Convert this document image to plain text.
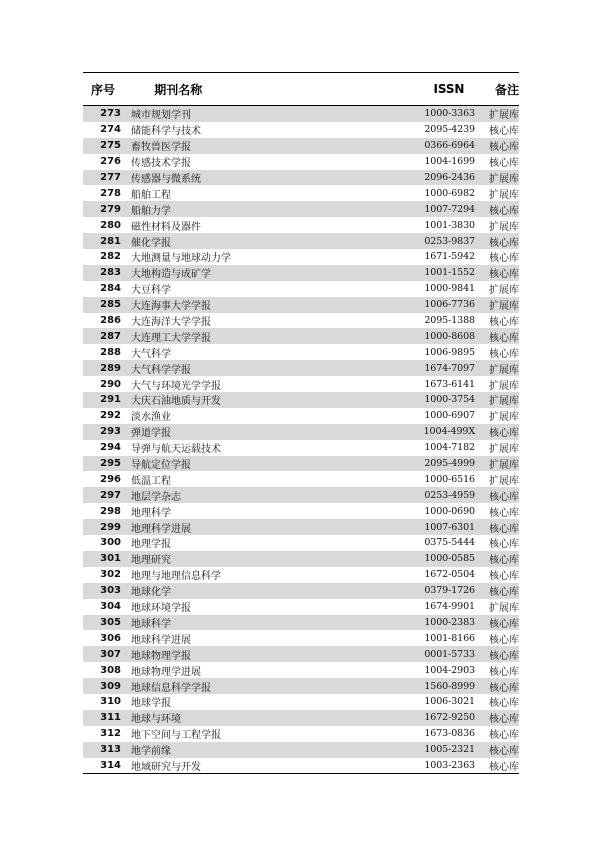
序号	期刊名称	ISSN	备注
273	城市规划学刊	1000-3363	扩展库
274	储能科学与技术	2095-4239	核心库
275	畜牧兽医学报	0366-6964	核心库
276	传感技术学报	1004-1699	核心库
277	传感器与微系统	2096-2436	扩展库
278	船舶工程	1000-6982	扩展库
279	船舶力学	1007-7294	核心库
280	磁性材料及器件	1001-3830	扩展库
281	催化学报	0253-9837	核心库
282	大地测量与地球动力学	1671-5942	核心库
283	大地构造与成矿学	1001-1552	核心库
284	大豆科学	1000-9841	扩展库
285	大连海事大学学报	1006-7736	扩展库
286	大连海洋大学学报	2095-1388	核心库
287	大连理工大学学报	1000-8608	核心库
288	大气科学	1006-9895	核心库
289	大气科学学报	1674-7097	扩展库
290	大气与环境光学学报	1673-6141	扩展库
291	大庆石油地质与开发	1000-3754	扩展库
292	淡水渔业	1000-6907	扩展库
293	弹道学报	1004-499X	核心库
294	导弹与航天运载技术	1004-7182	扩展库
295	导航定位学报	2095-4999	扩展库
296	低温工程	1000-6516	扩展库
297	地层学杂志	0253-4959	核心库
298	地理科学	1000-0690	核心库
299	地理科学进展	1007-6301	核心库
300	地理学报	0375-5444	核心库
301	地理研究	1000-0585	核心库
302	地理与地理信息科学	1672-0504	核心库
303	地球化学	0379-1726	核心库
304	地球环境学报	1674-9901	扩展库
305	地球科学	1000-2383	核心库
306	地球科学进展	1001-8166	核心库
307	地球物理学报	0001-5733	核心库
308	地球物理学进展	1004-2903	核心库
309	地球信息科学学报	1560-8999	核心库
310	地球学报	1006-3021	核心库
311	地球与环境	1672-9250	核心库
312	地下空间与工程学报	1673-0836	核心库
313	地学前缘	1005-2321	核心库
314	地域研究与开发	1003-2363	核心库
